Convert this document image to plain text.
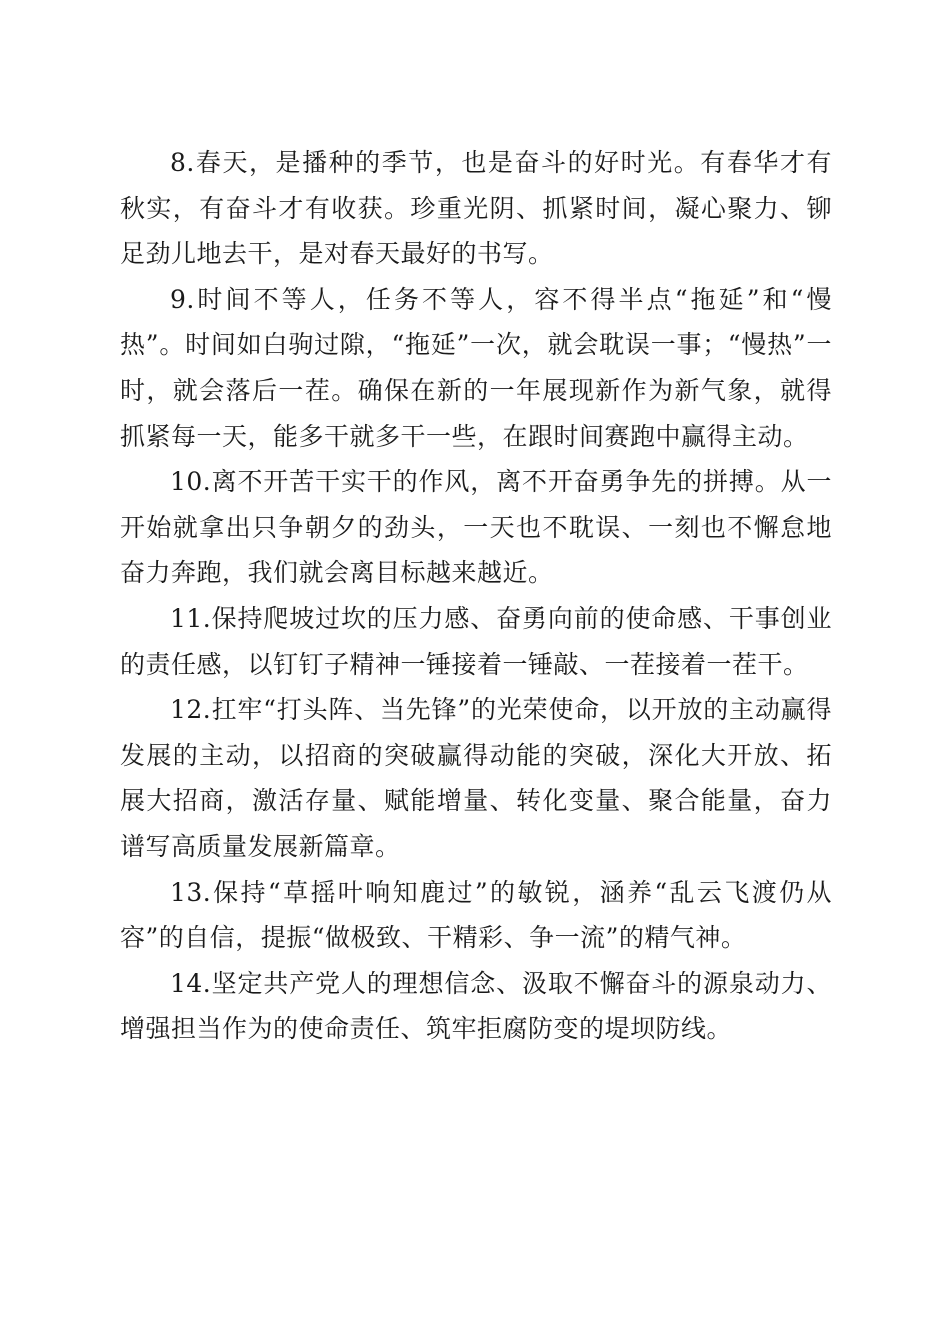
8.春天，是播种的季节，也是奋斗的好时光。有春华才有秋实，有奋斗才有收获。珍重光阴、抓紧时间，凝心聚力、铆足劲儿地去干，是对春天最好的书写。

9.时间不等人，任务不等人，容不得半点“拖延”和“慢热”。时间如白驹过隙，“拖延”一次，就会耽误一事；“慢热”一时，就会落后一茬。确保在新的一年展现新作为新气象，就得抓紧每一天，能多干就多干一些，在跟时间赛跑中赢得主动。

10.离不开苦干实干的作风，离不开奋勇争先的拼搏。从一开始就拿出只争朝夕的劲头，一天也不耽误、一刻也不懈怠地奋力奔跑，我们就会离目标越来越近。

11.保持爬坡过坎的压力感、奋勇向前的使命感、干事创业的责任感，以钉钉子精神一锤接着一锤敲、一茬接着一茬干。

12.扛牢“打头阵、当先锋”的光荣使命，以开放的主动赢得发展的主动，以招商的突破赢得动能的突破，深化大开放、拓展大招商，激活存量、赋能增量、转化变量、聚合能量，奋力谱写高质量发展新篇章。

13.保持“草摇叶响知鹿过”的敏锐，涵养“乱云飞渡仍从容”的自信，提振“做极致、干精彩、争一流”的精气神。

14.坚定共产党人的理想信念、汲取不懈奋斗的源泉动力、增强担当作为的使命责任、筑牢拒腐防变的堤坝防线。
